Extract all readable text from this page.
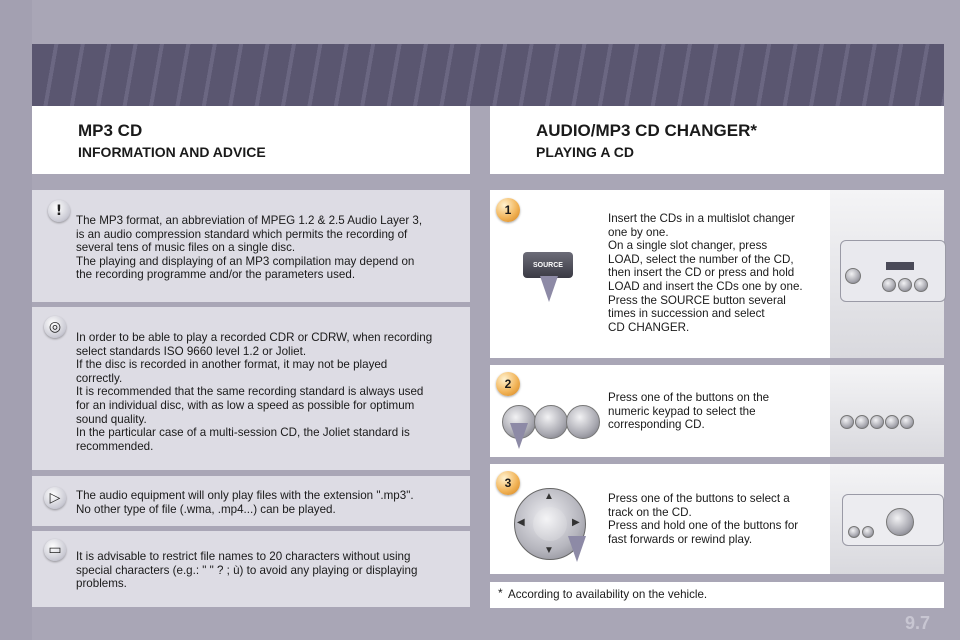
MP3 CD
INFORMATION AND ADVICE
AUDIO/MP3 CD CHANGER*
PLAYING A CD
!
The MP3 format, an abbreviation of MPEG 1.2 & 2.5 Audio Layer 3,
is an audio compression standard which permits the recording of
several tens of music files on a single disc.
The playing and displaying of an MP3 compilation may depend on
the recording programme and/or the parameters used.
◎
In order to be able to play a recorded CDR or CDRW, when recording
select standards ISO 9660 level 1.2 or Joliet.
If the disc is recorded in another format, it may not be played
correctly.
It is recommended that the same recording standard is always used
for an individual disc, with as low a speed as possible for optimum
sound quality.
In the particular case of a multi-session CD, the Joliet standard is
recommended.
▷	The audio equipment will only play files with the extension ".mp3".
No other type of file (.wma, .mp4...) can be played.
▭	It is advisable to restrict file names to 20 characters without using
special characters (e.g.: " " ? ; ù) to avoid any playing or displaying
problems.
1
SOURCE
Insert the CDs in a multislot changer
one by one.
On a single slot changer, press
LOAD, select the number of the CD,
then insert the CD or press and hold
LOAD and insert the CDs one by one.
Press the SOURCE button several
times in succession and select
CD CHANGER.
2
Press one of the buttons on the
numeric keypad to select the
corresponding CD.
3
▲
▼
◀	▶
Press one of the buttons to select a
track on the CD.
Press and hold one of the buttons for
fast forwards or rewind play.
* According to availability on the vehicle.
9.7
